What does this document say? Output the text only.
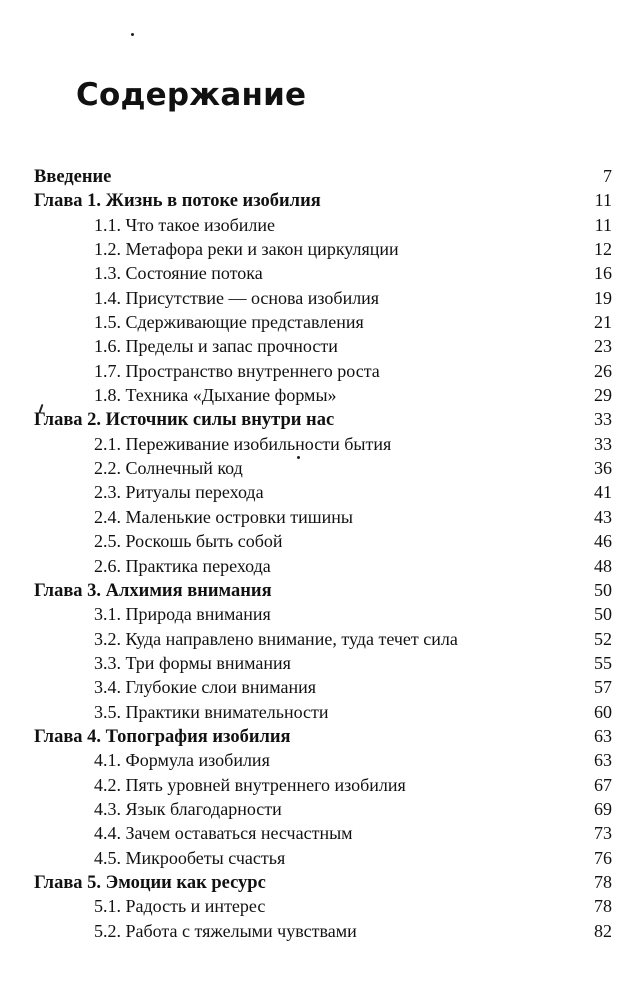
Содержание
Введение	7
Глава 1. Жизнь в потоке изобилия	11
1.1. Что такое изобилие	11
1.2. Метафора реки и закон циркуляции	12
1.3. Состояние потока	16
1.4. Присутствие — основа изобилия	19
1.5. Сдерживающие представления	21
1.6. Пределы и запас прочности	23
1.7. Пространство внутреннего роста	26
1.8. Техника «Дыхание формы»	29
Глава 2. Источник силы внутри нас	33
2.1. Переживание изобильности бытия	33
2.2. Солнечный код	36
2.3. Ритуалы перехода	41
2.4. Маленькие островки тишины	43
2.5. Роскошь быть собой	46
2.6. Практика перехода	48
Глава 3. Алхимия внимания	50
3.1. Природа внимания	50
3.2. Куда направлено внимание, туда течет сила	52
3.3. Три формы внимания	55
3.4. Глубокие слои внимания	57
3.5. Практики внимательности	60
Глава 4. Топография изобилия	63
4.1. Формула изобилия	63
4.2. Пять уровней внутреннего изобилия	67
4.3. Язык благодарности	69
4.4. Зачем оставаться несчастным	73
4.5. Микрообеты счастья	76
Глава 5. Эмоции как ресурс	78
5.1. Радость и интерес	78
5.2. Работа с тяжелыми чувствами	82
